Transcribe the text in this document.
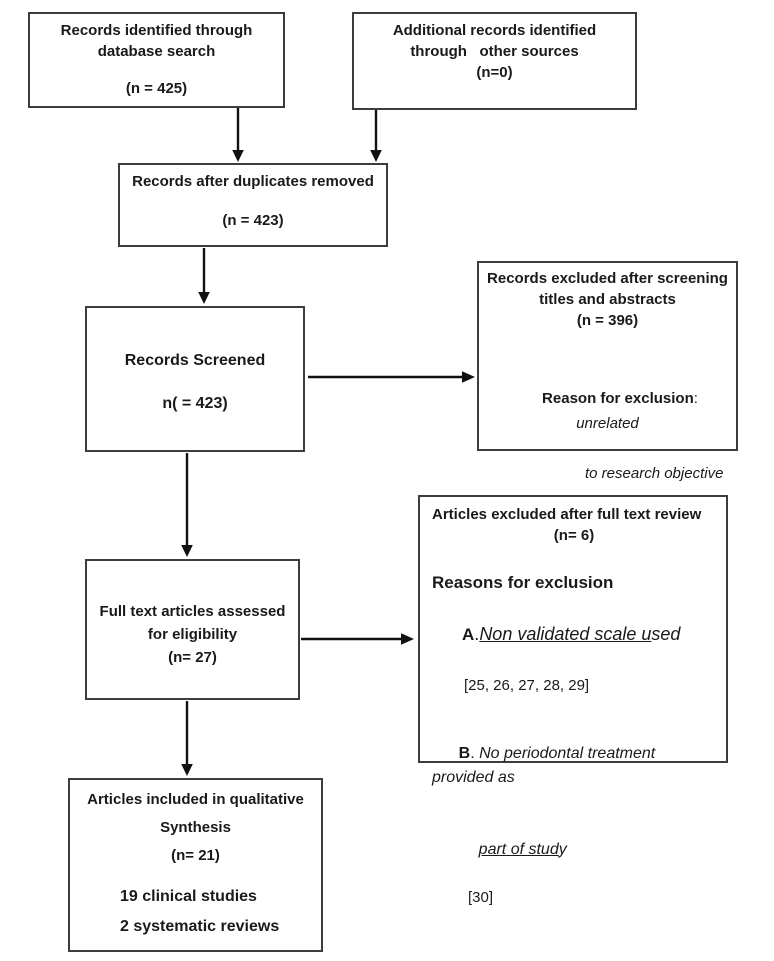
Records identified through
database search
(n = 425)
Additional records identified
through   other sources
(n=0)
Records after duplicates removed
(n = 423)
Records Screened
n( = 423)
Records excluded after screening
titles and abstracts
(n = 396)

Reason for exclusion: unrelated

to research objective
Full text articles assessed
for eligibility
(n= 27)
Articles excluded after full text review
(n= 6)
Reasons for exclusion

A.Non validated scale used

[25, 26, 27, 28, 29]

B. No periodontal treatment provided as

part of study

[30]
Articles included in qualitative
Synthesis
(n= 21)
19 clinical studies
2 systematic reviews
